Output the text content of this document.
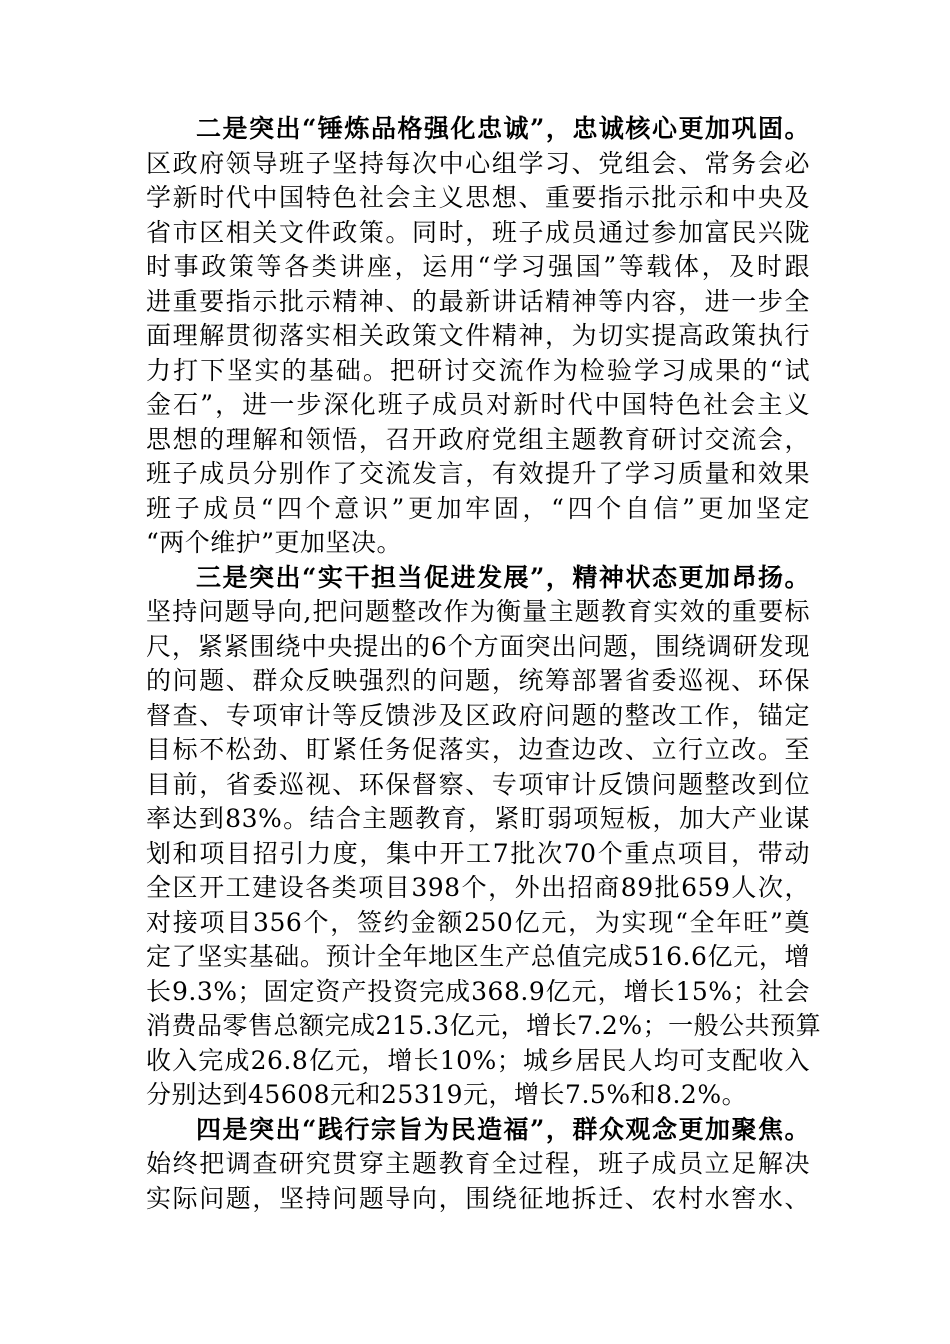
二是突出“锤炼品格强化忠诚”，忠诚核心更加巩固。
区政府领导班子坚持每次中心组学习、党组会、常务会必
学新时代中国特色社会主义思想、重要指示批示和中央及
省市区相关文件政策。同时，班子成员通过参加富民兴陇
时事政策等各类讲座，运用“学习强国”等载体，及时跟
进重要指示批示精神、的最新讲话精神等内容，进一步全
面理解贯彻落实相关政策文件精神，为切实提高政策执行
力打下坚实的基础。把研讨交流作为检验学习成果的“试
金石”，进一步深化班子成员对新时代中国特色社会主义
思想的理解和领悟，召开政府党组主题教育研讨交流会，
班子成员分别作了交流发言，有效提升了学习质量和效果
班子成员“四个意识”更加牢固，“四个自信”更加坚定
“两个维护”更加坚决。
三是突出“实干担当促进发展”，精神状态更加昂扬。
坚持问题导向,把问题整改作为衡量主题教育实效的重要标
尺，紧紧围绕中央提出的6个方面突出问题，围绕调研发现
的问题、群众反映强烈的问题，统筹部署省委巡视、环保
督查、专项审计等反馈涉及区政府问题的整改工作，锚定
目标不松劲、盯紧任务促落实，边查边改、立行立改。至
目前，省委巡视、环保督察、专项审计反馈问题整改到位
率达到83%。结合主题教育，紧盯弱项短板，加大产业谋
划和项目招引力度，集中开工7批次70个重点项目，带动
全区开工建设各类项目398个，外出招商89批659人次，
对接项目356个，签约金额250亿元，为实现“全年旺”奠
定了坚实基础。预计全年地区生产总值完成516.6亿元，增
长9.3%；固定资产投资完成368.9亿元，增长15%；社会
消费品零售总额完成215.3亿元，增长7.2%；一般公共预算
收入完成26.8亿元，增长10%；城乡居民人均可支配收入
分别达到45608元和25319元，增长7.5%和8.2%。
四是突出“践行宗旨为民造福”，群众观念更加聚焦。
始终把调查研究贯穿主题教育全过程，班子成员立足解决
实际问题，坚持问题导向，围绕征地拆迁、农村水窖水、
